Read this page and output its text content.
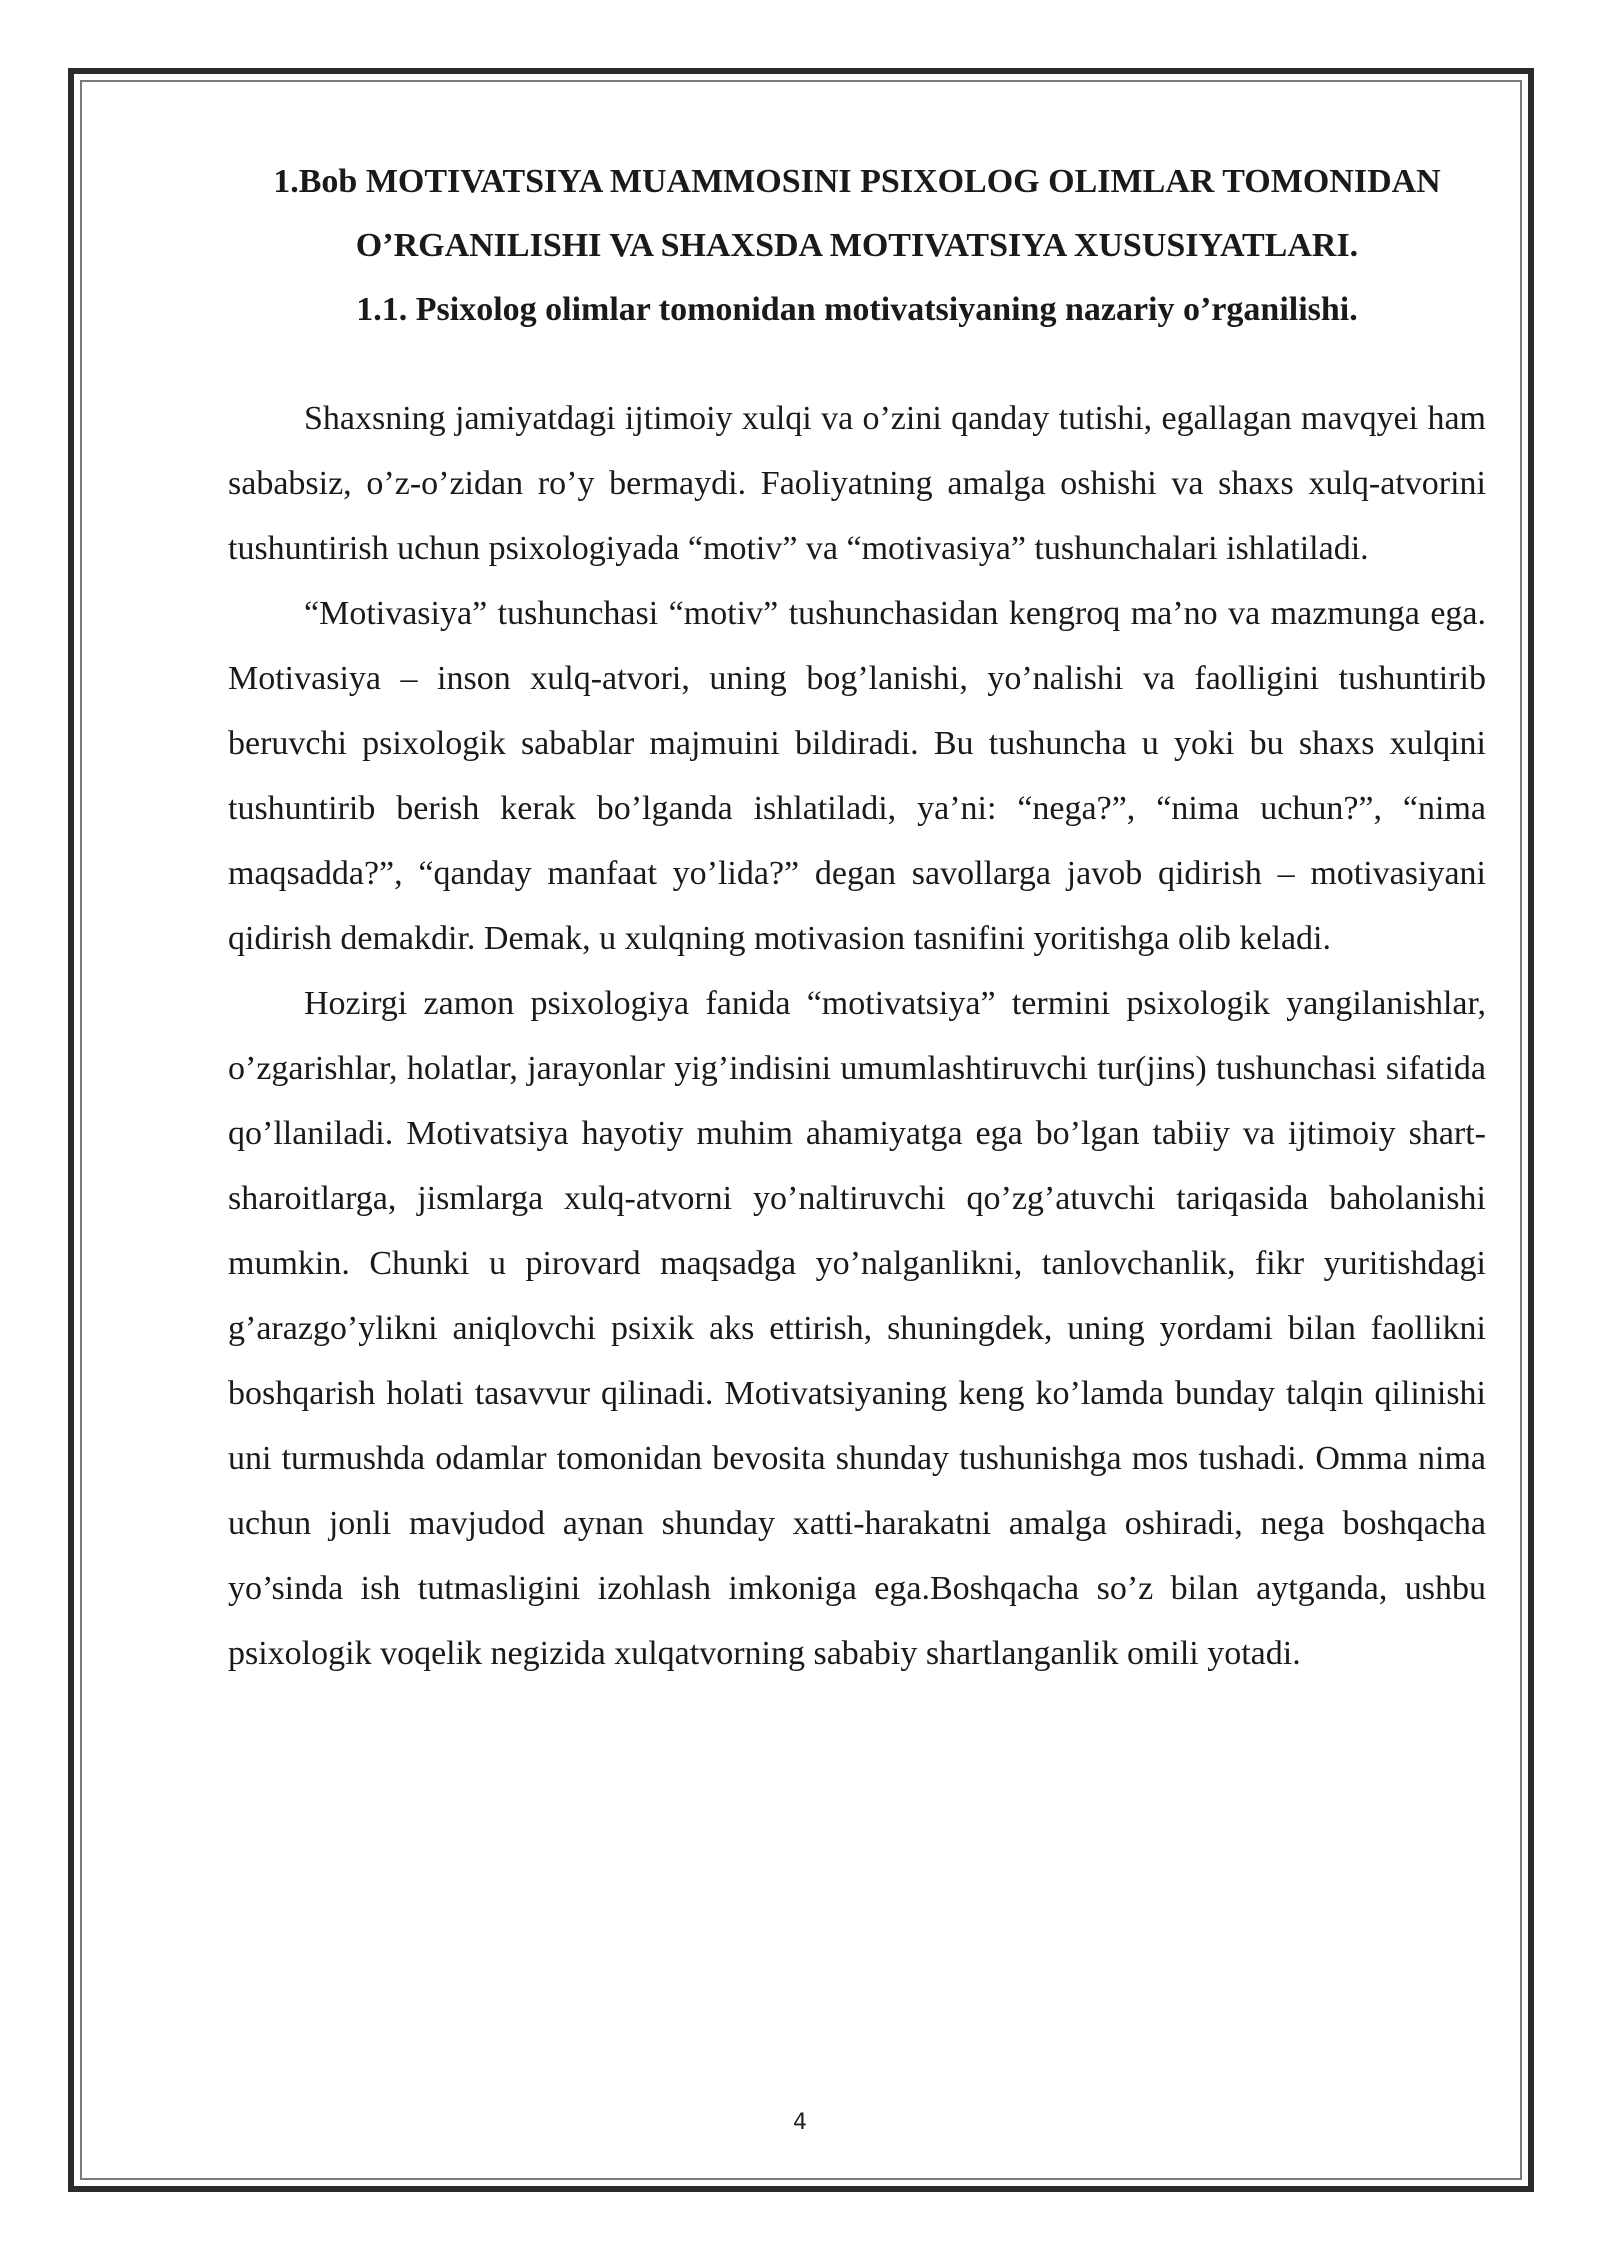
1.Bob MOTIVATSIYA MUAMMOSINI PSIXOLOG OLIMLAR TOMONIDAN O’RGANILISHI VA SHAXSDA MOTIVATSIYA XUSUSIYATLARI.
1.1. Psixolog olimlar tomonidan motivatsiyaning nazariy o’rganilishi.

Shaxsning jamiyatdagi ijtimoiy xulqi va o’zini qanday tutishi, egallagan mavqyei ham sababsiz, o’z-o’zidan ro’y bermaydi. Faoliyatning amalga oshishi va shaxs xulq-atvorini tushuntirish uchun psixologiyada “motiv” va “motivasiya” tushunchalari ishlatiladi.

“Motivasiya” tushunchasi “motiv” tushunchasidan kengroq ma’no va mazmunga ega. Motivasiya – inson xulq-atvori, uning bog’lanishi, yo’nalishi va faolligini tushuntirib beruvchi psixologik sabablar majmuini bildiradi. Bu tushuncha u yoki bu shaxs xulqini tushuntirib berish kerak bo’lganda ishlatiladi, ya’ni: “nega?”, “nima uchun?”, “nima maqsadda?”, “qanday manfaat yo’lida?” degan savollarga javob qidirish – motivasiyani qidirish demakdir. Demak, u xulqning motivasion tasnifini yoritishga olib keladi.

Hozirgi zamon psixologiya fanida “motivatsiya” termini psixologik yangilanishlar, o’zgarishlar, holatlar, jarayonlar yig’indisini umumlashtiruvchi tur(jins) tushunchasi sifatida qo’llaniladi. Motivatsiya hayotiy muhim ahamiyatga ega bo’lgan tabiiy va ijtimoiy shart-sharoitlarga, jismlarga xulq-atvorni yo’naltiruvchi qo’zg’atuvchi tariqasida baholanishi mumkin. Chunki u pirovard maqsadga yo’nalganlikni, tanlovchanlik, fikr yuritishdagi g’arazgo’ylikni aniqlovchi psixik aks ettirish, shuningdek, uning yordami bilan faollikni boshqarish holati tasavvur qilinadi. Motivatsiyaning keng ko’lamda bunday talqin qilinishi uni turmushda odamlar tomonidan bevosita shunday tushunishga mos tushadi. Omma nima uchun jonli mavjudod aynan shunday xatti-harakatni amalga oshiradi, nega boshqacha yo’sinda ish tutmasligini izohlash imkoniga ega.Boshqacha so’z bilan aytganda, ushbu psixologik voqelik negizida xulqatvorning sababiy shartlanganlik omili yotadi.

4
